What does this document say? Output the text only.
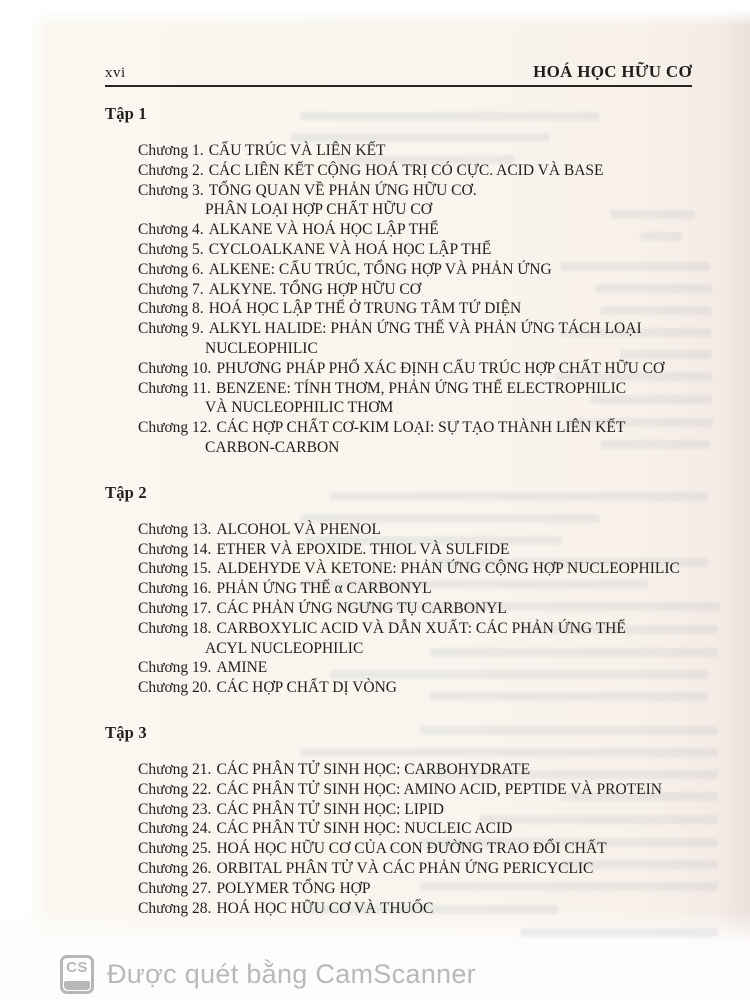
xvi	HOÁ HỌC HỮU CƠ
Tập 1
Chương 1. CẤU TRÚC VÀ LIÊN KẾT
Chương 2. CÁC LIÊN KẾT CỘNG HOÁ TRỊ CÓ CỰC. ACID VÀ BASE
Chương 3. TỔNG QUAN VỀ PHẢN ỨNG HỮU CƠ.
PHÂN LOẠI HỢP CHẤT HỮU CƠ
Chương 4. ALKANE VÀ HOÁ HỌC LẬP THỂ
Chương 5. CYCLOALKANE VÀ HOÁ HỌC LẬP THỂ
Chương 6. ALKENE: CẤU TRÚC, TỔNG HỢP VÀ PHẢN ỨNG
Chương 7. ALKYNE. TỔNG HỢP HỮU CƠ
Chương 8. HOÁ HỌC LẬP THỂ Ở TRUNG TÂM TỨ DIỆN
Chương 9. ALKYL HALIDE: PHẢN ỨNG THẾ VÀ PHẢN ỨNG TÁCH LOẠI
NUCLEOPHILIC
Chương 10. PHƯƠNG PHÁP PHỔ XÁC ĐỊNH CẤU TRÚC HỢP CHẤT HỮU CƠ
Chương 11. BENZENE: TÍNH THƠM, PHẢN ỨNG THẾ ELECTROPHILIC
VÀ NUCLEOPHILIC THƠM
Chương 12. CÁC HỢP CHẤT CƠ-KIM LOẠI: SỰ TẠO THÀNH LIÊN KẾT
CARBON-CARBON
Tập 2
Chương 13. ALCOHOL VÀ PHENOL
Chương 14. ETHER VÀ EPOXIDE. THIOL VÀ SULFIDE
Chương 15. ALDEHYDE VÀ KETONE: PHẢN ỨNG CỘNG HỢP NUCLEOPHILIC
Chương 16. PHẢN ỨNG THẾ α CARBONYL
Chương 17. CÁC PHẢN ỨNG NGƯNG TỤ CARBONYL
Chương 18. CARBOXYLIC ACID VÀ DẪN XUẤT: CÁC PHẢN ỨNG THẾ
ACYL NUCLEOPHILIC
Chương 19. AMINE
Chương 20. CÁC HỢP CHẤT DỊ VÒNG
Tập 3
Chương 21. CÁC PHÂN TỬ SINH HỌC: CARBOHYDRATE
Chương 22. CÁC PHÂN TỬ SINH HỌC: AMINO ACID, PEPTIDE VÀ PROTEIN
Chương 23. CÁC PHÂN TỬ SINH HỌC: LIPID
Chương 24. CÁC PHÂN TỬ SINH HỌC: NUCLEIC ACID
Chương 25. HOÁ HỌC HỮU CƠ CỦA CON ĐƯỜNG TRAO ĐỔI CHẤT
Chương 26. ORBITAL PHÂN TỬ VÀ CÁC PHẢN ỨNG PERICYCLIC
Chương 27. POLYMER TỔNG HỢP
Chương 28. HOÁ HỌC HỮU CƠ VÀ THUỐC
CS Được quét bằng CamScanner
